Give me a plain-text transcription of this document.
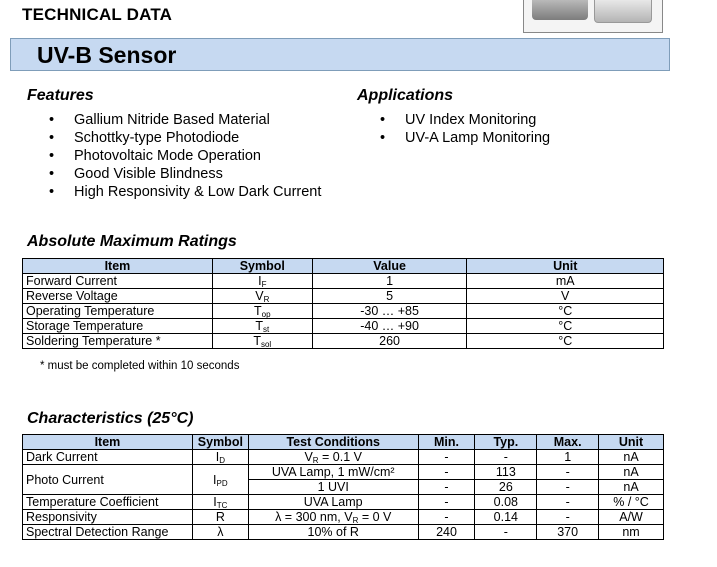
TECHNICAL DATA
UV-B Sensor
Features
• Gallium Nitride Based Material
• Schottky-type Photodiode
• Photovoltaic Mode Operation
• Good Visible Blindness
• High Responsivity & Low Dark Current
Applications
• UV Index Monitoring
• UV-A Lamp Monitoring
Absolute Maximum Ratings
Item	Symbol	Value	Unit
Forward Current	$I_F$	1	mA
Reverse Voltage	$V_R$	5	V
Operating Temperature	$T_{op}$	-30 … +85	°C
Storage Temperature	$T_{st}$	-40 … +90	°C
Soldering Temperature *	$T_{sol}$	260	°C
* must be completed within 10 seconds
Characteristics (25°C)
Item	Symbol	Test Conditions	Min.	Typ.	Max.	Unit
Dark Current	$I_D$	$V_R = 0.1$ V	-	-	1	nA
Photo Current	$I_{PD}$	UVA Lamp, 1 mW/cm²	-	113	-	nA
		1 UVI	-	26	-	nA
Temperature Coefficient	$I_{TC}$	UVA Lamp	-	0.08	-	% / °C
Responsivity	R	λ = 300 nm, $V_R = 0$ V	-	0.14	-	A/W
Spectral Detection Range	λ	10% of R	240	-	370	nm
